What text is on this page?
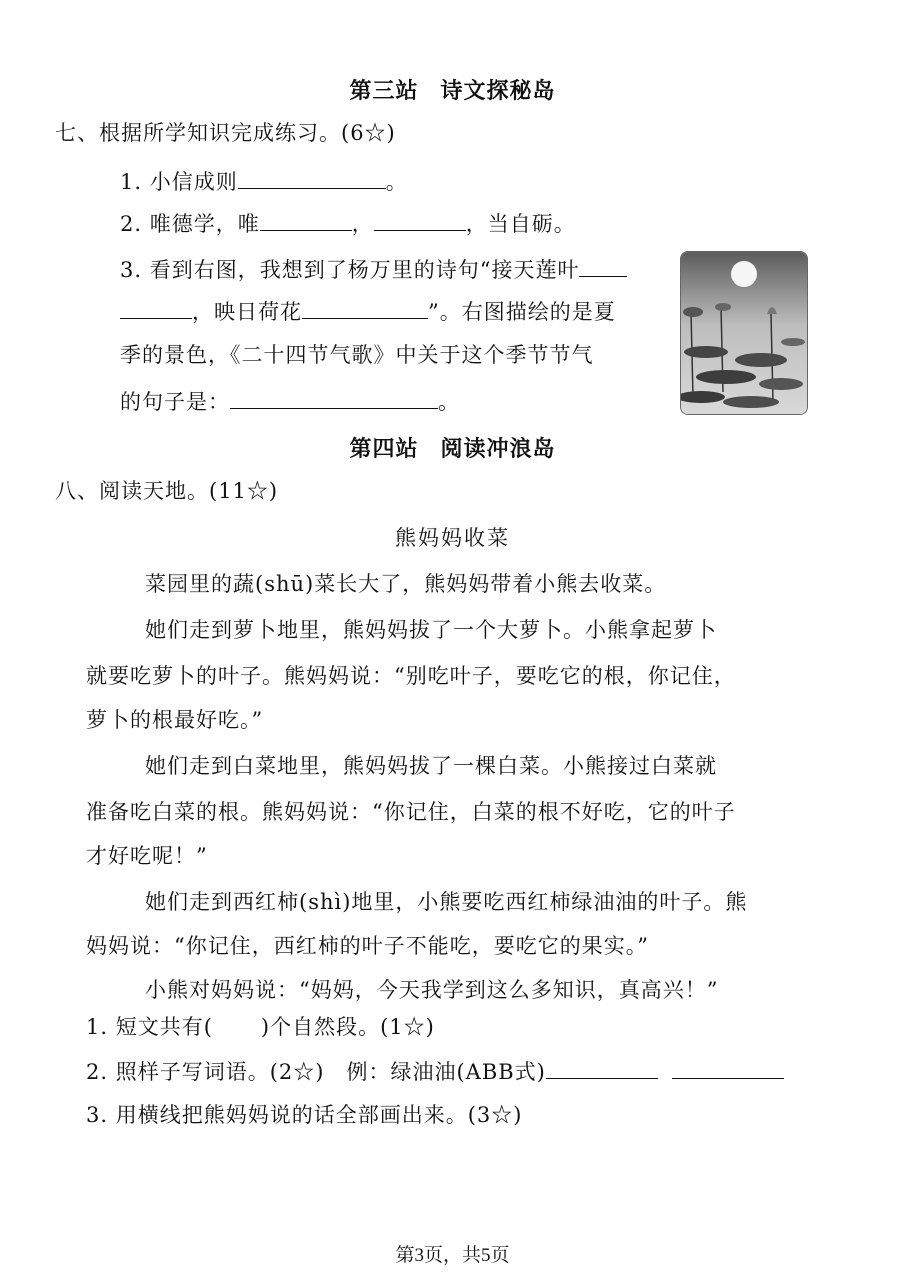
第三站 诗文探秘岛
七、根据所学知识完成练习。(6☆)
1. 小信成则	。
2. 唯德学，唯	，	，当自砺。
3. 看到右图，我想到了杨万里的诗句“接天莲叶
，映日荷花	”。右图描绘的是夏
季的景色，《二十四节气歌》中关于这个季节节气
的句子是：	。
第四站 阅读冲浪岛
八、阅读天地。(11☆)
熊妈妈收菜
菜园里的蔬(shū)菜长大了，熊妈妈带着小熊去收菜。
她们走到萝卜地里，熊妈妈拔了一个大萝卜。小熊拿起萝卜
就要吃萝卜的叶子。熊妈妈说：“别吃叶子，要吃它的根，你记住，
萝卜的根最好吃。”
她们走到白菜地里，熊妈妈拔了一棵白菜。小熊接过白菜就
准备吃白菜的根。熊妈妈说：“你记住，白菜的根不好吃，它的叶子
才好吃呢！”
她们走到西红柿(shì)地里，小熊要吃西红柿绿油油的叶子。熊
妈妈说：“你记住，西红柿的叶子不能吃，要吃它的果实。”
小熊对妈妈说：“妈妈，今天我学到这么多知识，真高兴！”
1. 短文共有( )个自然段。(1☆)
2. 照样子写词语。(2☆)　例：绿油油(ABB式)
3. 用横线把熊妈妈说的话全部画出来。(3☆)
第3页，共5页
